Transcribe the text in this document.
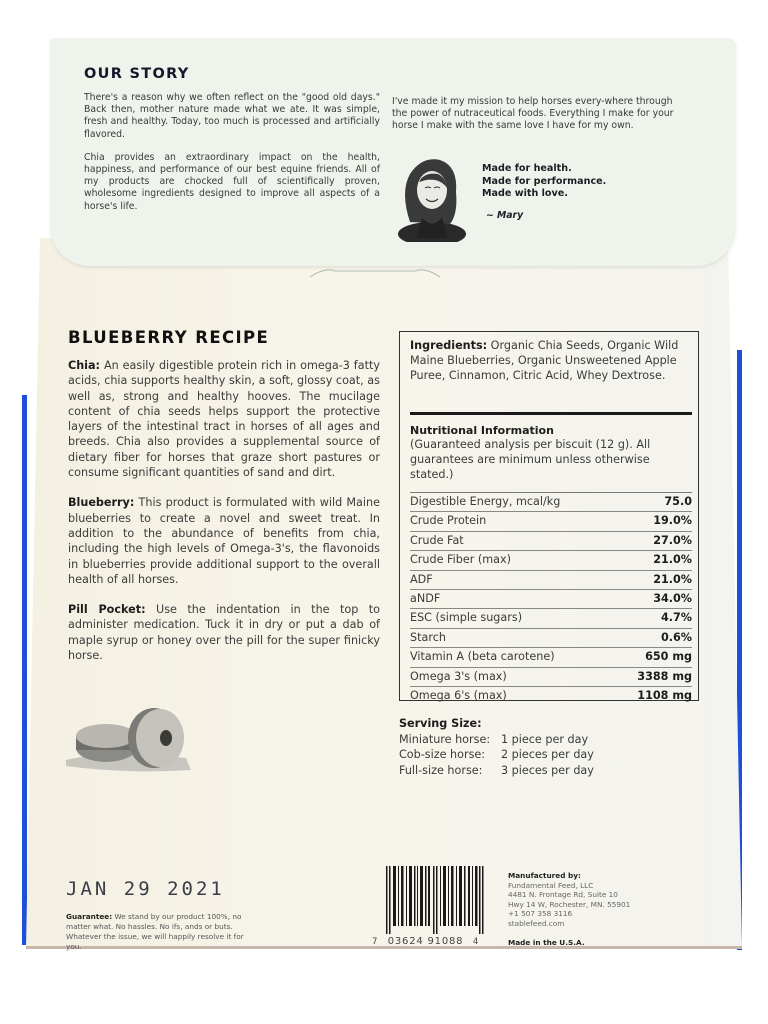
OUR STORY

There's a reason why we often reflect on the "good old days." Back then, mother nature made what we ate. It was simple, fresh and healthy. Today, too much is processed and artificially flavored.

Chia provides an extraordinary impact on the health, happiness, and performance of our best equine friends. All of my products are chocked full of scientifically proven, wholesome ingredients designed to improve all aspects of a horse's life.

I've made it my mission to help horses every-where through the power of nutraceutical foods. Everything I make for your horse I make with the same love I have for my own.

Made for health.
Made for performance.
Made with love.
~ Mary
BLUEBERRY RECIPE

Chia: An easily digestible protein rich in omega-3 fatty acids, chia supports healthy skin, a soft, glossy coat, as well as, strong and healthy hooves. The mucilage content of chia seeds helps support the protective layers of the intestinal tract in horses of all ages and breeds. Chia also provides a supplemental source of dietary fiber for horses that graze short pastures or consume significant quantities of sand and dirt.

Blueberry: This product is formulated with wild Maine blueberries to create a novel and sweet treat. In addition to the abundance of benefits from chia, including the high levels of Omega-3's, the flavonoids in blueberries provide additional support to the overall health of all horses.

Pill Pocket: Use the indentation in the top to administer medication. Tuck it in dry or put a dab of maple syrup or honey over the pill for the super finicky horse.

Ingredients: Organic Chia Seeds, Organic Wild Maine Blueberries, Organic Unsweetened Apple Puree, Cinnamon, Citric Acid, Whey Dextrose.
Nutritional Information
(Guaranteed analysis per biscuit (12 g). All guarantees are minimum unless otherwise stated.)
Digestible Energy, mcal/kg	75.0
Crude Protein	19.0%
Crude Fat	27.0%
Crude Fiber (max)	21.0%
ADF	21.0%
aNDF	34.0%
ESC (simple sugars)	4.7%
Starch	0.6%
Vitamin A (beta carotene)	650 mg
Omega 3's (max)	3388 mg
Omega 6's (max)	1108 mg
Serving Size:
Miniature horse: 1 piece per day
Cob-size horse:	2 pieces per day
Full-size horse:	3 pieces per day
JAN 29 2021
Guarantee: We stand by our product 100%, no matter what. No hassles. No ifs, ands or buts. Whatever the issue, we will happily resolve it for you.	7 03624 91088 4
Manufactured by:
Fundamental Feed, LLC
4481 N. Frontage Rd, Suite 10
Hwy 14 W, Rochester, MN. 55901
+1 507 358 3116
stablefeed.com
Made in the U.S.A.
